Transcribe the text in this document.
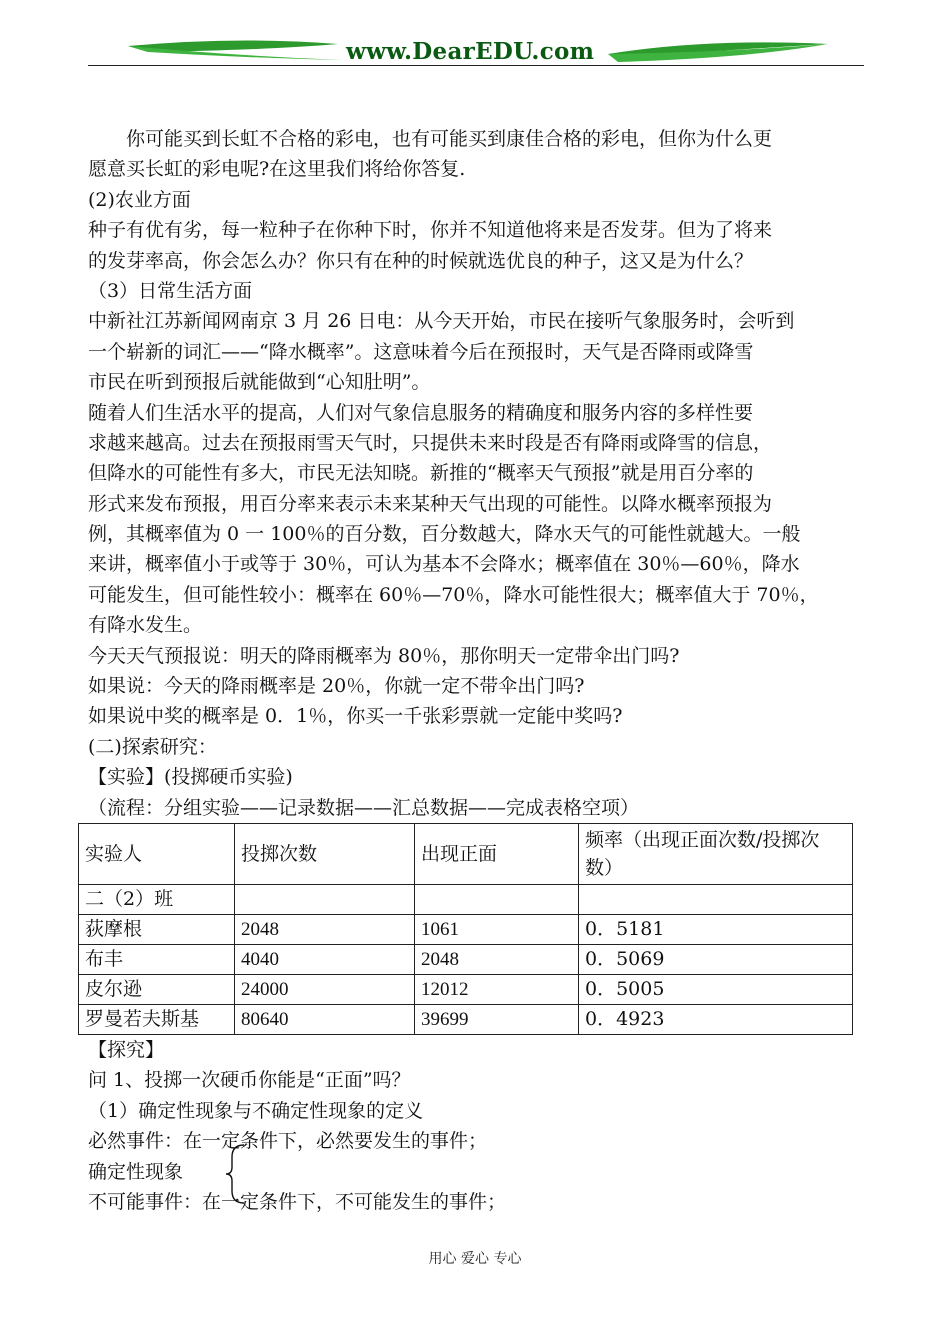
www.DearEDU.com
你可能买到长虹不合格的彩电，也有可能买到康佳合格的彩电，但你为什么更
愿意买长虹的彩电呢?在这里我们将给你答复.
(2)农业方面
种子有优有劣，每一粒种子在你种下时，你并不知道他将来是否发芽。但为了将来
的发芽率高，你会怎么办？你只有在种的时候就选优良的种子，这又是为什么？
（3）日常生活方面
中新社江苏新闻网南京 3 月 26 日电：从今天开始，市民在接听气象服务时，会听到
一个崭新的词汇——“降水概率”。这意味着今后在预报时，天气是否降雨或降雪
市民在听到预报后就能做到“心知肚明”。
随着人们生活水平的提高，人们对气象信息服务的精确度和服务内容的多样性要
求越来越高。过去在预报雨雪天气时，只提供未来时段是否有降雨或降雪的信息，
但降水的可能性有多大，市民无法知晓。新推的“概率天气预报”就是用百分率的
形式来发布预报，用百分率来表示未来某种天气出现的可能性。以降水概率预报为
例，其概率值为 0 一 100％的百分数，百分数越大，降水天气的可能性就越大。一般
来讲，概率值小于或等于 30％，可认为基本不会降水；概率值在 30％—60％，降水
可能发生，但可能性较小：概率在 60％—70％，降水可能性很大；概率值大于 70％，
有降水发生。
今天天气预报说：明天的降雨概率为 80％，那你明天一定带伞出门吗?
如果说：今天的降雨概率是 20％，你就一定不带伞出门吗?
如果说中奖的概率是 0．1％，你买一千张彩票就一定能中奖吗?
(二)探索研究：
【实验】(投掷硬币实验)
（流程：分组实验——记录数据——汇总数据——完成表格空项）
实验人	投掷次数	出现正面	频率（出现正面次数/投掷次数）
二（2）班			
荻摩根	2048	1061	0．5181
布丰	4040	2048	0．5069
皮尔逊	24000	12012	0．5005
罗曼若夫斯基	80640	39699	0．4923
【探究】
问 1、投掷一次硬币你能是“正面”吗？
（1）确定性现象与不确定性现象的定义
必然事件：在一定条件下，必然要发生的事件；
确定性现象
不可能事件：在一定条件下，不可能发生的事件；
用心 爱心 专心
